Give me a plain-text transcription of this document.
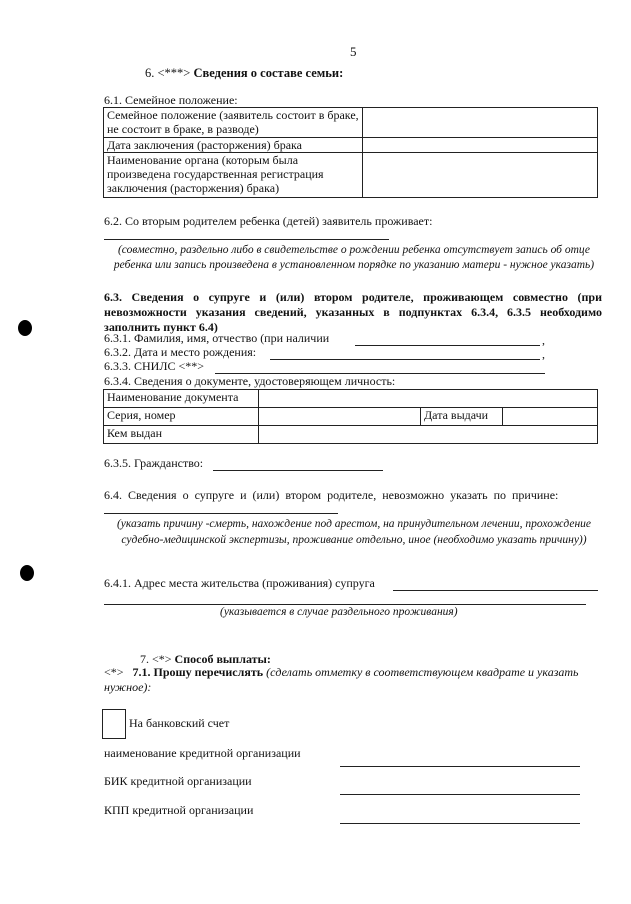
5
6. <***> Сведения о составе семьи:
6.1. Семейное положение:
Семейное положение (заявитель состоит в браке, не состоит в браке, в разводе)	
Дата заключения (расторжения) брака	
Наименование органа (которым была произведена государственная регистрация заключения (расторжения) брака)	
6.2. Со вторым родителем ребенка (детей) заявитель проживает:
(совместно, раздельно либо в свидетельстве о рождении ребенка отсутствует запись об отце ребенка или запись произведена в установленном порядке по указанию матери - нужное указать)
6.3. Сведения о супруге и (или) втором родителе, проживающем совместно (при невозможности указания сведений, указанных в подпунктах 6.3.4, 6.3.5 необходимо заполнить пункт 6.4)
6.3.1. Фамилия, имя, отчество (при наличии	,
6.3.2. Дата и место рождения:	,
6.3.3. СНИЛС <**>
6.3.4. Сведения о документе, удостоверяющем личность:
Наименование документа			
Серия, номер		Дата выдачи	
Кем выдан			
6.3.5. Гражданство:
6.4. Сведения о супруге и (или) втором родителе, невозможно указать по причине:
(указать причину -смерть, нахождение под арестом, на принудительном лечении, прохождение судебно-медицинской экспертизы, проживание отдельно, иное (необходимо указать причину))
6.4.1. Адрес места жительства (проживания) супруга
(указывается в случае раздельного проживания)
7. <*> Способ выплаты:
<*> 7.1. Прошу перечислять (сделать отметку в соответствующем квадрате и указать нужное):
На банковский счет
наименование кредитной организации
БИК кредитной организации
КПП кредитной организации
